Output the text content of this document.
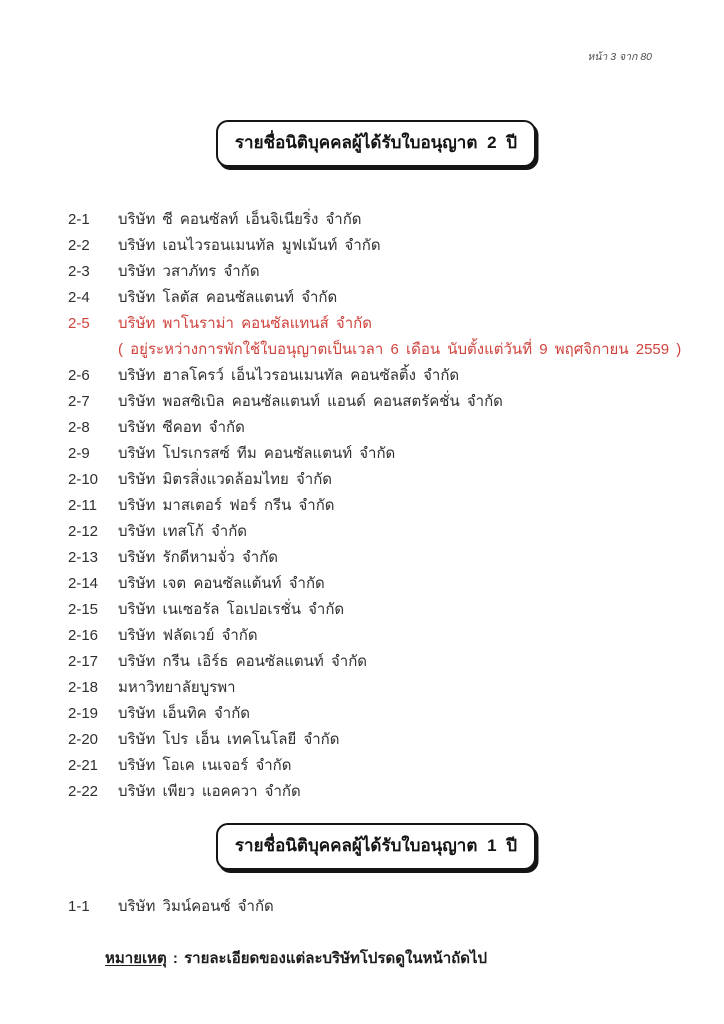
หน้า 3 จาก 80
รายชื่อนิติบุคคลผู้ได้รับใบอนุญาต 2 ปี
2-1	บริษัท ซี คอนซัลท์ เอ็นจิเนียริ่ง จำกัด
2-2	บริษัท เอนไวรอนเมนทัล มูฟเม้นท์ จำกัด
2-3	บริษัท วสาภัทร จำกัด
2-4	บริษัท โลตัส คอนซัลแตนท์ จำกัด
2-5	บริษัท พาโนราม่า คอนซัลแทนส์ จำกัด
( อยู่ระหว่างการพักใช้ใบอนุญาตเป็นเวลา 6 เดือน นับตั้งแต่วันที่ 9 พฤศจิกายน 2559 )
2-6	บริษัท ฮาลโครว์ เอ็นไวรอนเมนทัล คอนซัลติ้ง จำกัด
2-7	บริษัท พอสซิเบิล คอนซัลแตนท์ แอนด์ คอนสตรัคชั่น จำกัด
2-8	บริษัท ซีคอท จำกัด
2-9	บริษัท โปรเกรสซ์ ทีม คอนซัลแตนท์ จำกัด
2-10	บริษัท มิตรสิ่งแวดล้อมไทย จำกัด
2-11	บริษัท มาสเตอร์ ฟอร์ กรีน จำกัด
2-12	บริษัท เทสโก้ จำกัด
2-13	บริษัท รักดีหามจั่ว จำกัด
2-14	บริษัท เจต คอนซัลแต้นท์ จำกัด
2-15	บริษัท เนเซอรัล โอเปอเรชั่น จำกัด
2-16	บริษัท ฟลัดเวย์ จำกัด
2-17	บริษัท กรีน เอิร์ธ คอนซัลแตนท์ จำกัด
2-18	มหาวิทยาลัยบูรพา
2-19	บริษัท เอ็นทิค จำกัด
2-20	บริษัท โปร เอ็น เทคโนโลยี จำกัด
2-21	บริษัท โอเค เนเจอร์ จำกัด
2-22	บริษัท เพียว แอคควา จำกัด
รายชื่อนิติบุคคลผู้ได้รับใบอนุญาต 1 ปี
1-1	บริษัท วิมน์คอนซ์ จำกัด
หมายเหตุ : รายละเอียดของแต่ละบริษัทโปรดดูในหน้าถัดไป
